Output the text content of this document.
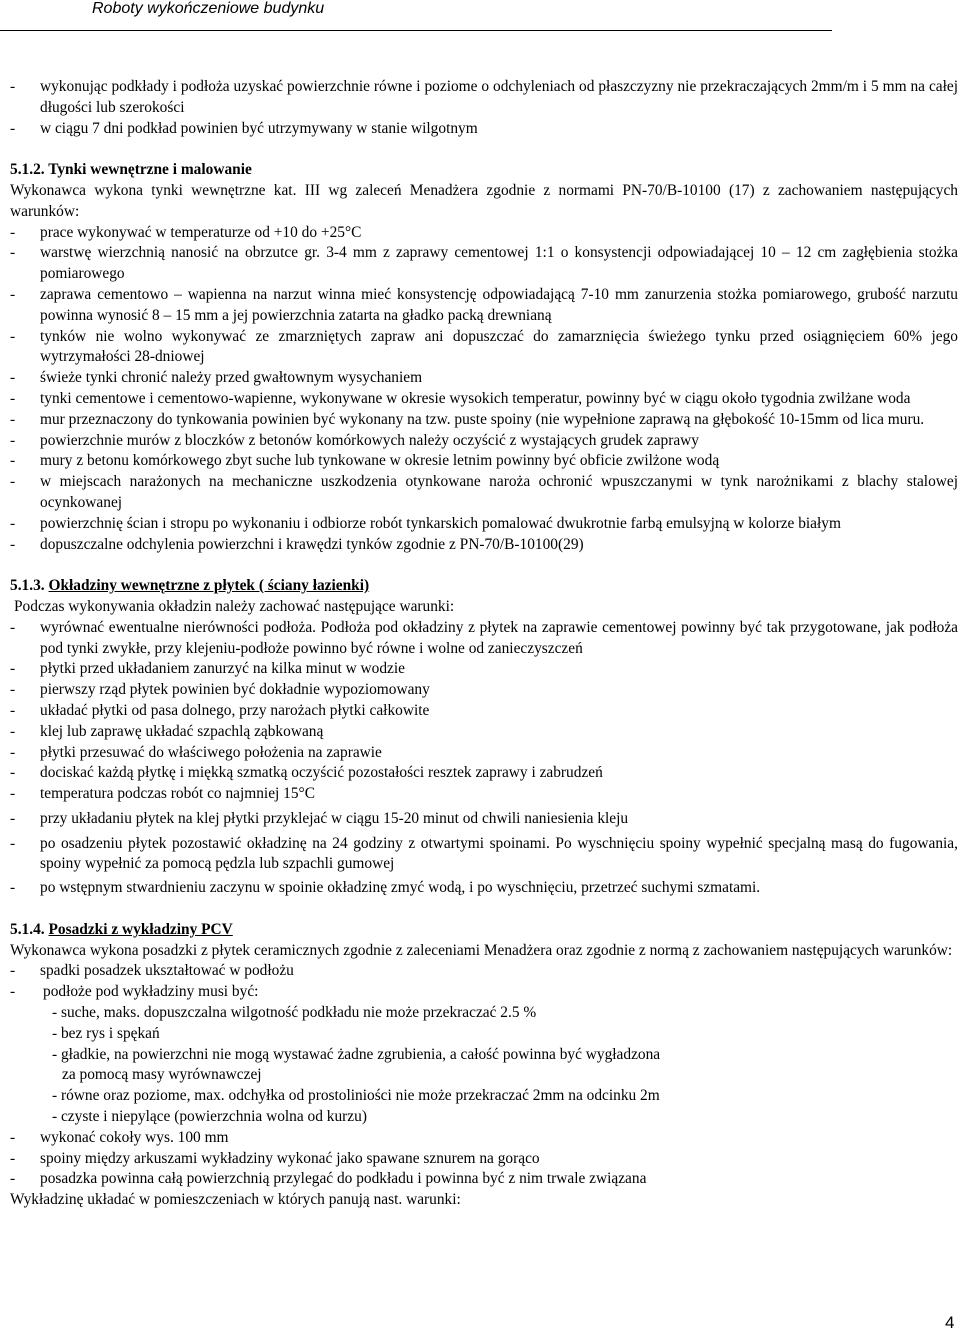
Roboty wykończeniowe budynku
-	wykonując podkłady i podłoża uzyskać powierzchnie równe i poziome o odchyleniach od płaszczyzny nie przekraczających 2mm/m i 5 mm na całej długości lub szerokości
-	w ciągu 7 dni podkład powinien być utrzymywany w stanie wilgotnym

5.1.2. Tynki wewnętrzne i malowanie

Wykonawca wykona tynki wewnętrzne kat. III wg zaleceń Menadżera zgodnie z normami PN-70/B-10100 (17) z zachowaniem następujących warunków:

-	prace wykonywać w temperaturze od +10 do +25°C
-	warstwę wierzchnią nanosić na obrzutce gr. 3-4 mm z zaprawy cementowej 1:1 o konsystencji odpowiadającej 10 – 12 cm zagłębienia stożka pomiarowego
-	zaprawa cementowo – wapienna na narzut winna mieć konsystencję odpowiadającą 7-10 mm zanurzenia stożka pomiarowego, grubość narzutu powinna wynosić 8 – 15 mm a jej powierzchnia zatarta na gładko packą drewnianą
-	tynków nie wolno wykonywać ze zmarzniętych zapraw ani dopuszczać do zamarznięcia świeżego tynku przed osiągnięciem 60% jego wytrzymałości 28-dniowej
-	świeże tynki chronić należy przed gwałtownym wysychaniem
-	tynki cementowe i cementowo-wapienne, wykonywane w okresie wysokich temperatur, powinny być w ciągu około tygodnia zwilżane woda
-	mur przeznaczony do tynkowania powinien być wykonany na tzw. puste spoiny (nie wypełnione zaprawą na głębokość 10-15mm od lica muru.
-	powierzchnie murów z bloczków z betonów komórkowych należy oczyścić z wystających grudek zaprawy
-	mury z betonu komórkowego zbyt suche lub tynkowane w okresie letnim powinny być obficie zwilżone wodą
-	w miejscach narażonych na mechaniczne uszkodzenia otynkowane naroża ochronić wpuszczanymi w tynk narożnikami z blachy stalowej ocynkowanej
-	powierzchnię ścian i stropu po wykonaniu i odbiorze robót tynkarskich pomalować dwukrotnie farbą emulsyjną w kolorze białym
-	dopuszczalne odchylenia powierzchni i krawędzi tynków zgodnie z PN-70/B-10100(29)

5.1.3. Okładziny wewnętrzne z płytek ( ściany łazienki)

Podczas wykonywania okładzin należy zachować następujące warunki:

-	wyrównać ewentualne nierówności podłoża. Podłoża pod okładziny z płytek na zaprawie cementowej powinny być tak przygotowane, jak podłoża pod tynki zwykłe, przy klejeniu-podłoże powinno być równe i wolne od zanieczyszczeń
-	płytki przed układaniem zanurzyć na kilka minut w wodzie
-	pierwszy rząd płytek powinien być dokładnie wypoziomowany
-	układać płytki od pasa dolnego, przy narożach płytki całkowite
-	klej lub zaprawę układać szpachlą ząbkowaną
-	płytki przesuwać do właściwego położenia na zaprawie
-	dociskać każdą płytkę i miękką szmatką oczyścić pozostałości resztek zaprawy i zabrudzeń
-	temperatura podczas robót co najmniej 15°C
-	przy układaniu płytek na klej płytki przyklejać w ciągu 15-20 minut od chwili naniesienia kleju
-	po osadzeniu płytek pozostawić okładzinę na 24 godziny z otwartymi spoinami. Po wyschnięciu spoiny wypełnić specjalną masą do fugowania, spoiny wypełnić za pomocą pędzla lub szpachli gumowej
-	po wstępnym stwardnieniu zaczynu w spoinie okładzinę zmyć wodą, i po wyschnięciu, przetrzeć suchymi szmatami.

5.1.4. Posadzki z wykładziny PCV

Wykonawca wykona posadzki z płytek ceramicznych zgodnie z zaleceniami Menadżera oraz zgodnie z normą z zachowaniem następujących warunków:

-	spadki posadzek ukształtować w podłożu
-	podłoże pod wykładziny musi być:

- suche, maks. dopuszczalna wilgotność podkładu nie może przekraczać 2.5 %

- bez rys i spękań

- gładkie, na powierzchni nie mogą wystawać żadne zgrubienia, a całość powinna być wygładzona

za pomocą masy wyrównawczej

- równe oraz poziome, max. odchyłka od prostoliniości nie może przekraczać 2mm na odcinku 2m

- czyste i niepylące (powierzchnia wolna od kurzu)

-	wykonać cokoły wys. 100 mm
-	spoiny między arkuszami wykładziny wykonać jako spawane sznurem na gorąco
-	posadzka powinna całą powierzchnią przylegać do podkładu i powinna być z nim trwale związana

Wykładzinę układać w pomieszczeniach w których panują nast. warunki:

4
